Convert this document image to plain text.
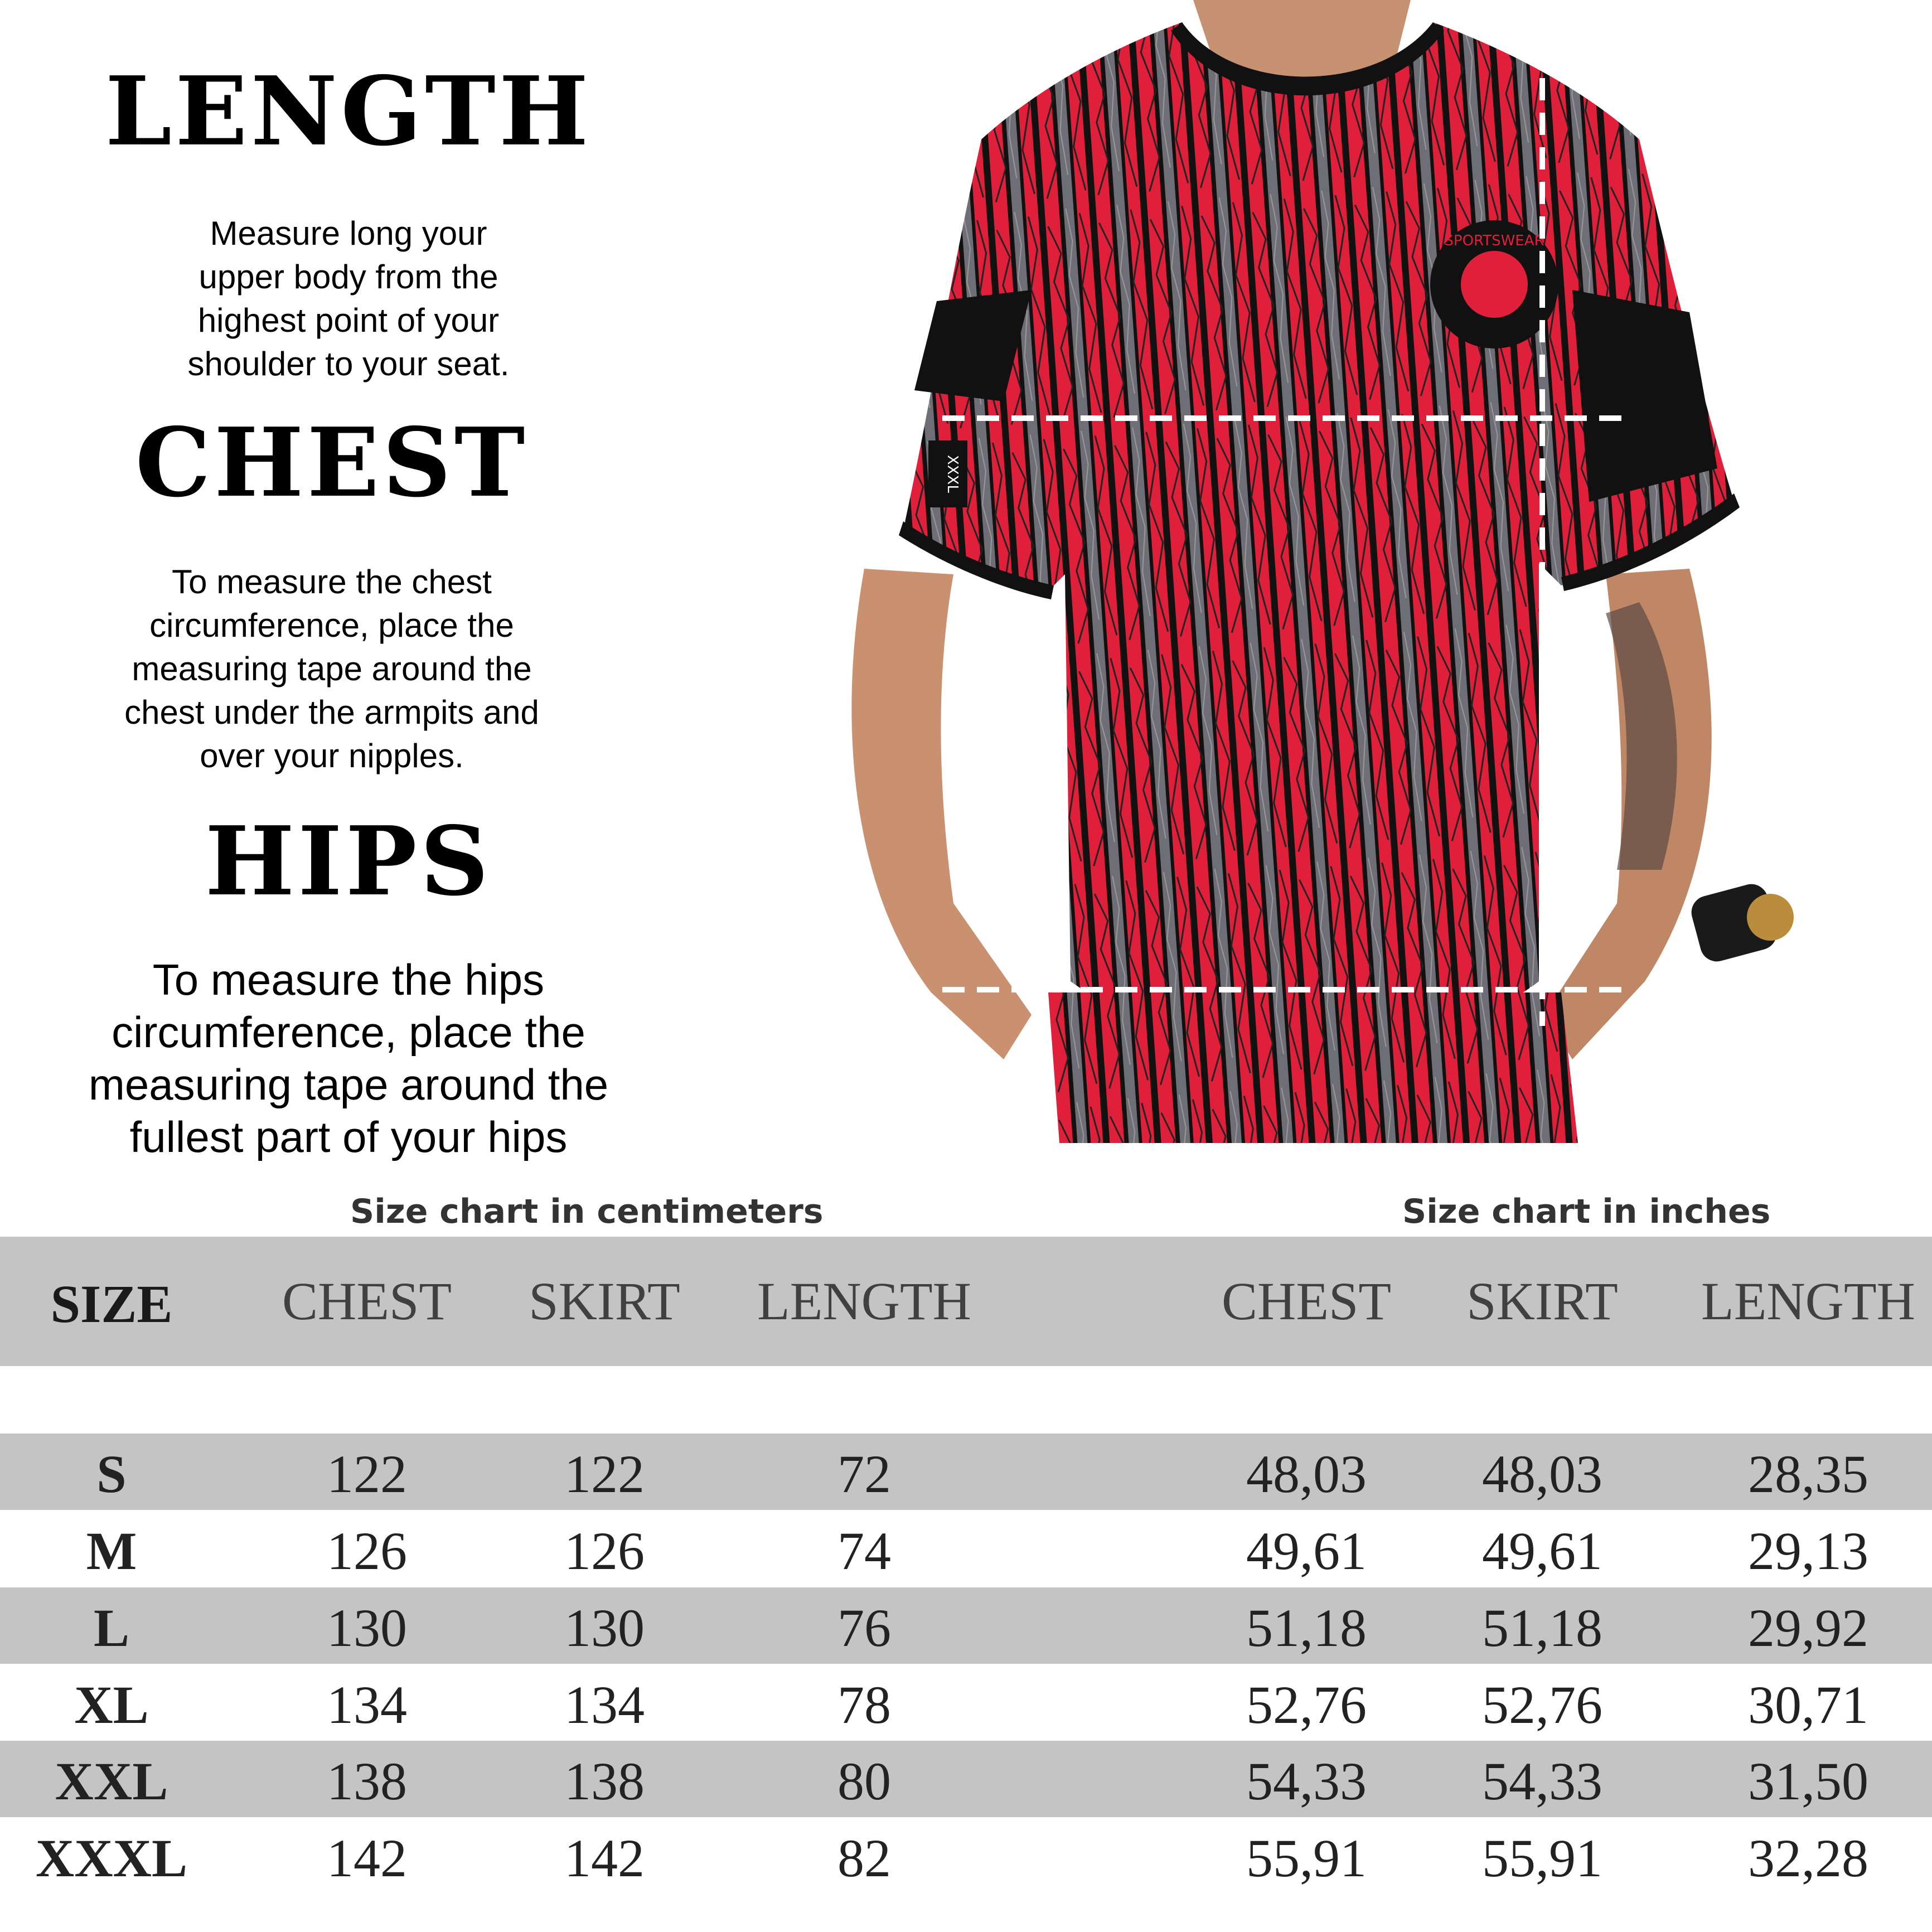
LENGTH
Measure long your
upper body from the
highest point of your
shoulder to your seat.
CHEST
To measure the chest
circumference, place the
measuring tape around the
chest under the armpits and
over your nipples.
HIPS
To measure the hips
circumference, place the
measuring tape around the
fullest part of your hips
XXXL
SPORTSWEAR
Size chart in centimeters	Size chart in inches
SIZE CHEST SKIRT LENGTH	CHEST SKIRT LENGTH
S	122	122	72	48,03 48,03	28,35
M	126	126	74	49,61 49,61	29,13
L	130	130	76	51,18 51,18	29,92
XL	134	134	78	52,76 52,76	30,71
XXL	138	138	80	54,33 54,33	31,50
XXXL	142	142	82	55,91 55,91	32,28
